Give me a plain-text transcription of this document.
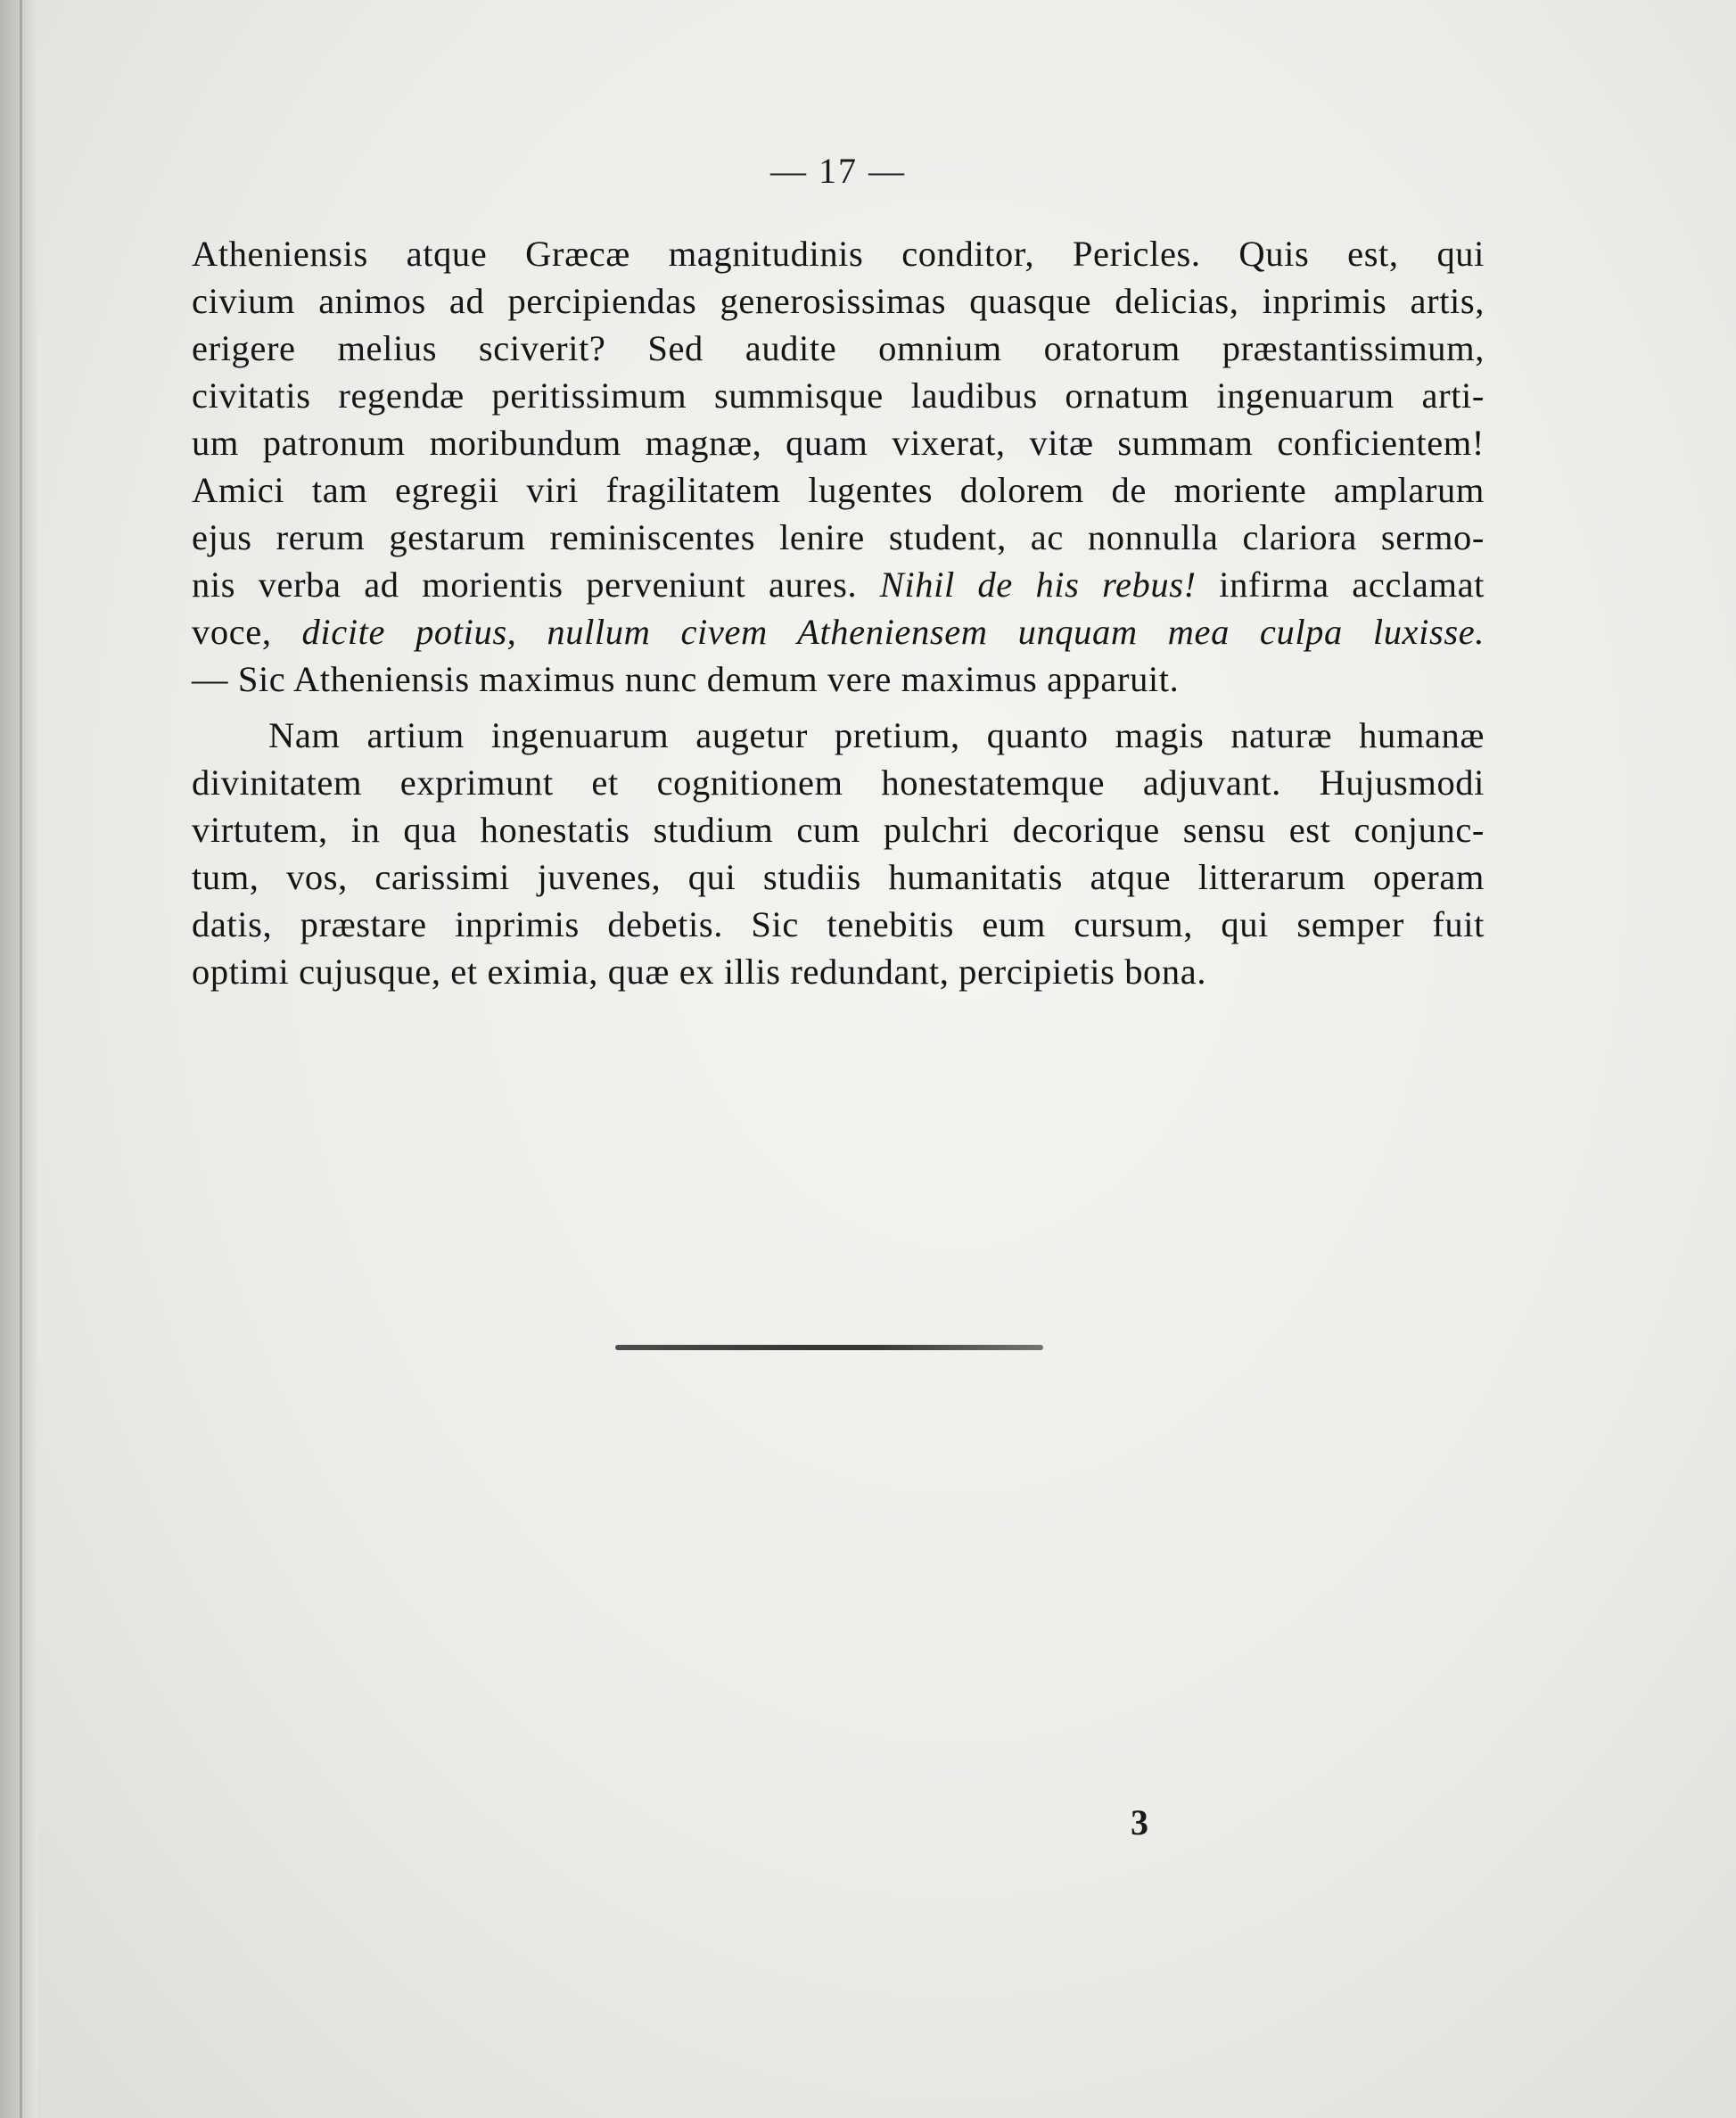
— 17 —
Atheniensis atque Græcæ magnitudinis conditor, Pericles. Quis est, qui
civium animos ad percipiendas generosissimas quasque delicias, inprimis artis,
erigere melius sciverit? Sed audite omnium oratorum præstantissimum,
civitatis regendæ peritissimum summisque laudibus ornatum ingenuarum arti-
um patronum moribundum magnæ, quam vixerat, vitæ summam conficientem!
Amici tam egregii viri fragilitatem lugentes dolorem de moriente amplarum
ejus rerum gestarum reminiscentes lenire student, ac nonnulla clariora sermo-
nis verba ad morientis perveniunt aures. Nihil de his rebus! infirma acclamat
voce, dicite potius, nullum civem Atheniensem unquam mea culpa luxisse.
— Sic Atheniensis maximus nunc demum vere maximus apparuit.
Nam artium ingenuarum augetur pretium, quanto magis naturæ humanæ
divinitatem exprimunt et cognitionem honestatemque adjuvant. Hujusmodi
virtutem, in qua honestatis studium cum pulchri decorique sensu est conjunc-
tum, vos, carissimi juvenes, qui studiis humanitatis atque litterarum operam
datis, præstare inprimis debetis. Sic tenebitis eum cursum, qui semper fuit
optimi cujusque, et eximia, quæ ex illis redundant, percipietis bona.
3
